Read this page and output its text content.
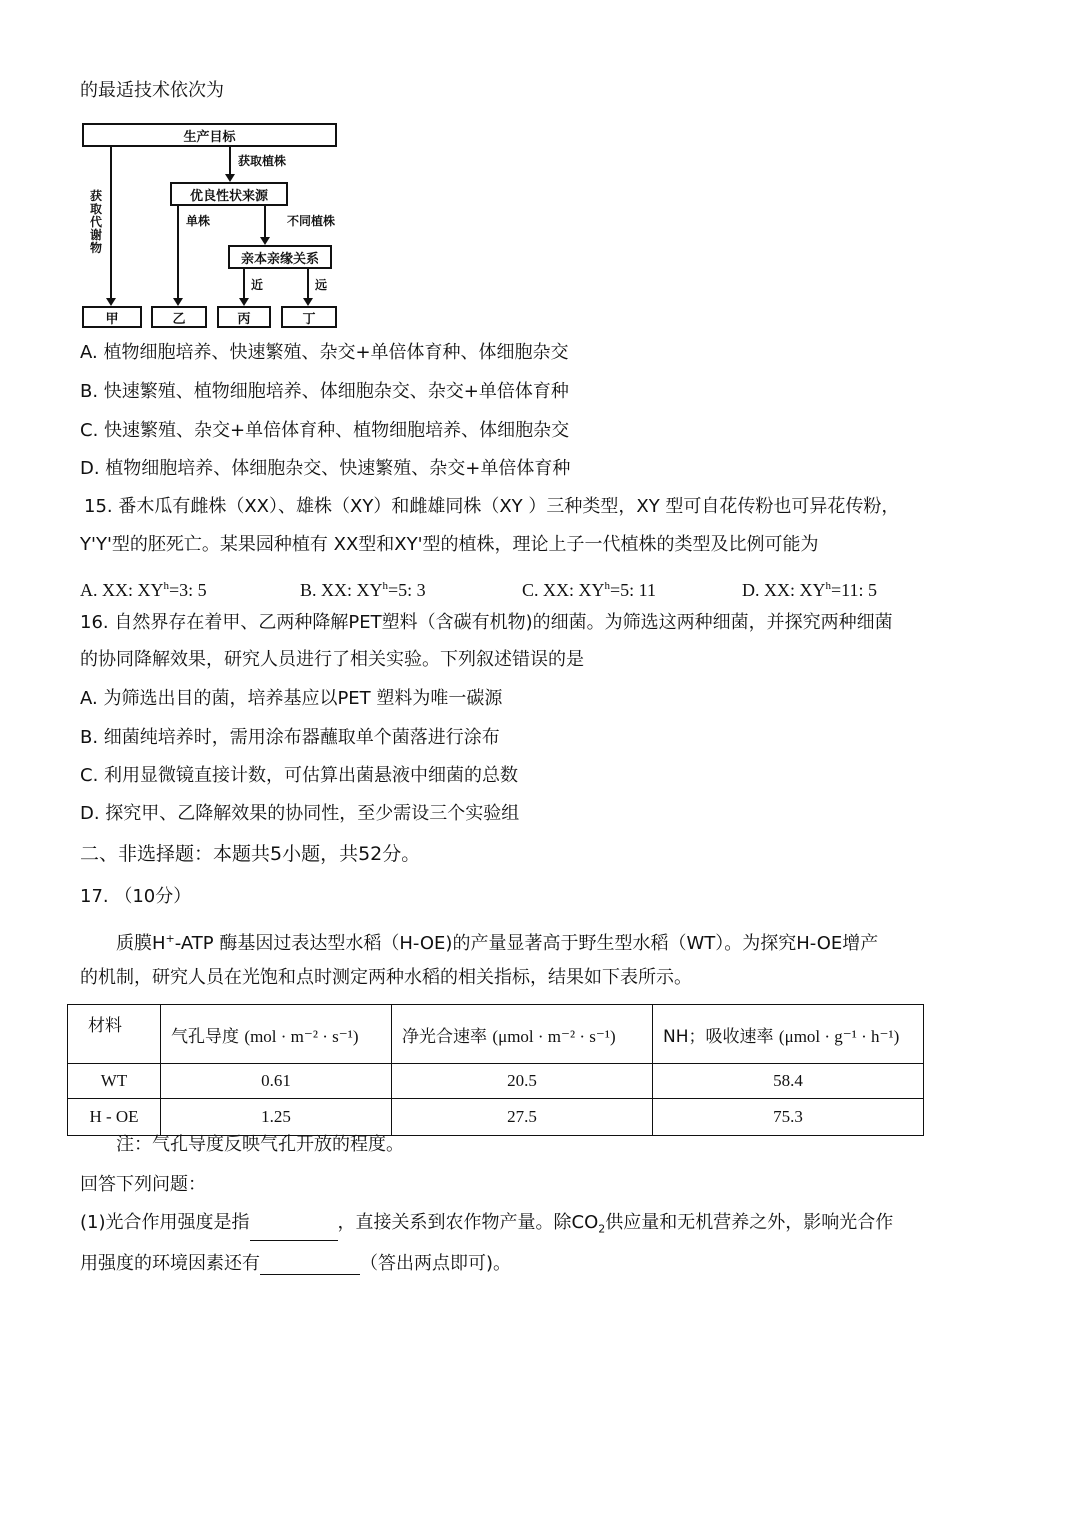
的最适技术依次为
生产目标
优良性状来源
亲本亲缘关系
甲	乙	丙	丁
获取植株
单株	不同植株
近	远
获取代谢物
A. 植物细胞培养、快速繁殖、杂交+单倍体育种、体细胞杂交
B. 快速繁殖、植物细胞培养、体细胞杂交、杂交+单倍体育种
C. 快速繁殖、杂交+单倍体育种、植物细胞培养、体细胞杂交
D. 植物细胞培养、体细胞杂交、快速繁殖、杂交+单倍体育种
15. 番木瓜有雌株（XX）、雄株（XY）和雌雄同株（XY ）三种类型，XY 型可自花传粉也可异花传粉，
Y'Y'型的胚死亡。某果园种植有 XX型和XY'型的植株，理论上子一代植株的类型及比例可能为
A. XX: $XY^h=3$: 5	B. XX: $XY^h=5$: 3	C. XX: $XY^h=5$: 11	D. XX: $XY^h=11$: 5
16. 自然界存在着甲、乙两种降解PET塑料（含碳有机物)的细菌。为筛选这两种细菌，并探究两种细菌
的协同降解效果，研究人员进行了相关实验。下列叙述错误的是
A. 为筛选出目的菌，培养基应以PET 塑料为唯一碳源
B. 细菌纯培养时，需用涂布器蘸取单个菌落进行涂布
C. 利用显微镜直接计数，可估算出菌悬液中细菌的总数
D. 探究甲、乙降解效果的协同性，至少需设三个实验组
二、非选择题：本题共5小题，共52分。
17. （10分）
质膜H+-ATP 酶基因过表达型水稻（H-OE)的产量显著高于野生型水稻（WT）。为探究H-OE增产
的机制，研究人员在光饱和点时测定两种水稻的相关指标，结果如下表所示。
材料	气孔导度 (mol · m⁻² · s⁻¹)	净光合速率 (μmol · m⁻² · s⁻¹)	NH；吸收速率 (μmol · g⁻¹ · h⁻¹)
WT	0.61	20.5	58.4
H - OE	1.25	27.5	75.3
注：气孔导度反映气孔开放的程度。
回答下列问题：
(1)光合作用强度是指	，直接关系到农作物产量。除$CO_2$供应量和无机营养之外，影响光合作
用强度的环境因素还有	（答出两点即可)。
